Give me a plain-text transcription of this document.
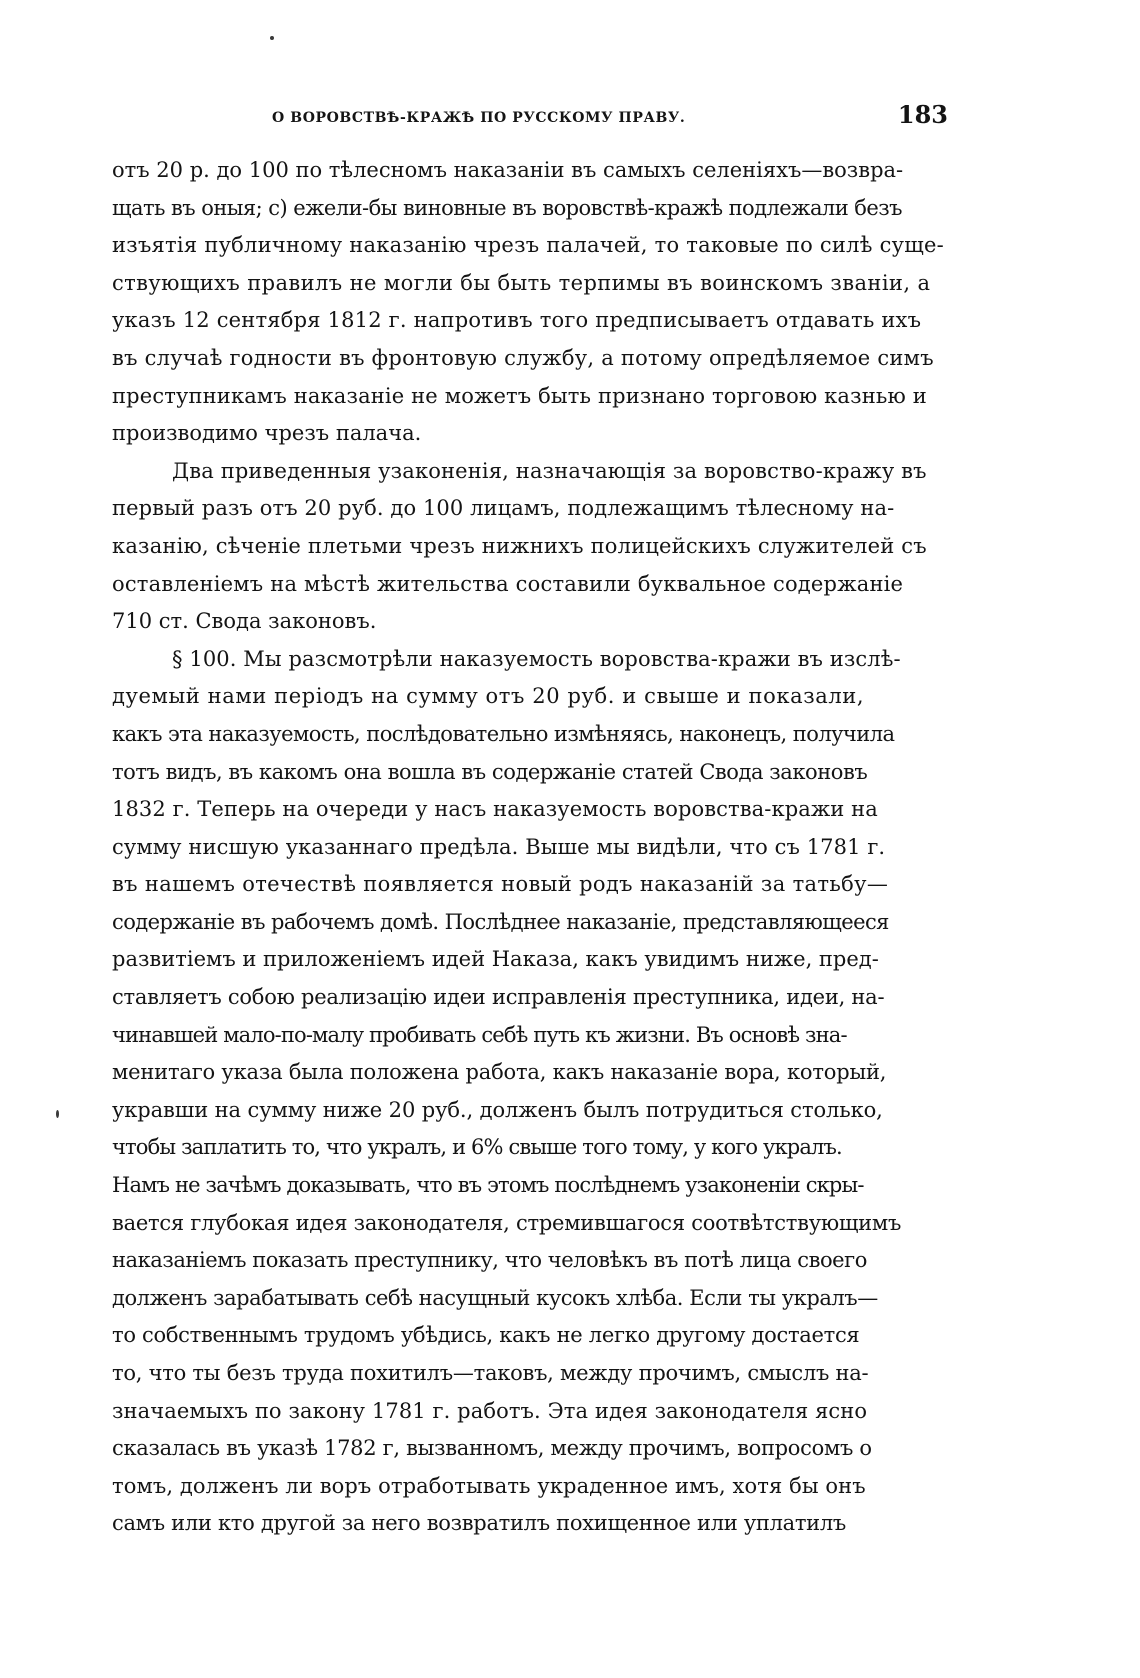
О ВОРОВСТВѢ-КРАЖѢ ПО РУССКОМУ ПРАВУ.	183
отъ 20 р. до 100 по тѣлесномъ наказаніи въ самыхъ селеніяхъ—возвра-
щать въ оныя; с) ежели-бы виновные въ воровствѣ-кражѣ подлежали безъ
изъятія публичному наказанію чрезъ палачей, то таковые по силѣ суще-
ствующихъ правилъ не могли бы быть терпимы въ воинскомъ званіи, а
указъ 12 сентября 1812 г. напротивъ того предписываетъ отдавать ихъ
въ случаѣ годности въ фронтовую службу, а потому опредѣляемое симъ
преступникамъ наказаніе не можетъ быть признано торговою казнью и
производимо чрезъ палача.
Два приведенныя узаконенія, назначающія за воровство-кражу въ
первый разъ отъ 20 руб. до 100 лицамъ, подлежащимъ тѣлесному на-
казанію, сѣченіе плетьми чрезъ нижнихъ полицейскихъ служителей съ
оставленіемъ на мѣстѣ жительства составили буквальное содержаніе
710 ст. Свода законовъ.
§ 100. Мы разсмотрѣли наказуемость воровства-кражи въ изслѣ-
дуемый нами періодъ на сумму отъ 20 руб. и свыше и показали,
какъ эта наказуемость, послѣдовательно измѣняясь, наконецъ, получила
тотъ видъ, въ какомъ она вошла въ содержаніе статей Свода законовъ
1832 г. Теперь на очереди у насъ наказуемость воровства-кражи на
сумму нисшую указаннаго предѣла. Выше мы видѣли, что съ 1781 г.
въ нашемъ отечествѣ появляется новый родъ наказаній за татьбу—
содержаніе въ рабочемъ домѣ. Послѣднее наказаніе, представляющееся
развитіемъ и приложеніемъ идей Наказа, какъ увидимъ ниже, пред-
ставляетъ собою реализацію идеи исправленія преступника, идеи, на-
чинавшей мало-по-малу пробивать себѣ путь къ жизни. Въ основѣ зна-
менитаго указа была положена работа, какъ наказаніе вора, который,
укравши на сумму ниже 20 руб., долженъ былъ потрудиться столько,
чтобы заплатить то, что укралъ, и 6% свыше того тому, у кого укралъ.
Намъ не зачѣмъ доказывать, что въ этомъ послѣднемъ узаконеніи скры-
вается глубокая идея законодателя, стремившагося соотвѣтствующимъ
наказаніемъ показать преступнику, что человѣкъ въ потѣ лица своего
долженъ зарабатывать себѣ насущный кусокъ хлѣба. Если ты укралъ—
то собственнымъ трудомъ убѣдись, какъ не легко другому достается
то, что ты безъ труда похитилъ—таковъ, между прочимъ, смыслъ на-
значаемыхъ по закону 1781 г. работъ. Эта идея законодателя ясно
сказалась въ указѣ 1782 г, вызванномъ, между прочимъ, вопросомъ о
томъ, долженъ ли воръ отработывать украденное имъ, хотя бы онъ
самъ или кто другой за него возвратилъ похищенное или уплатилъ
